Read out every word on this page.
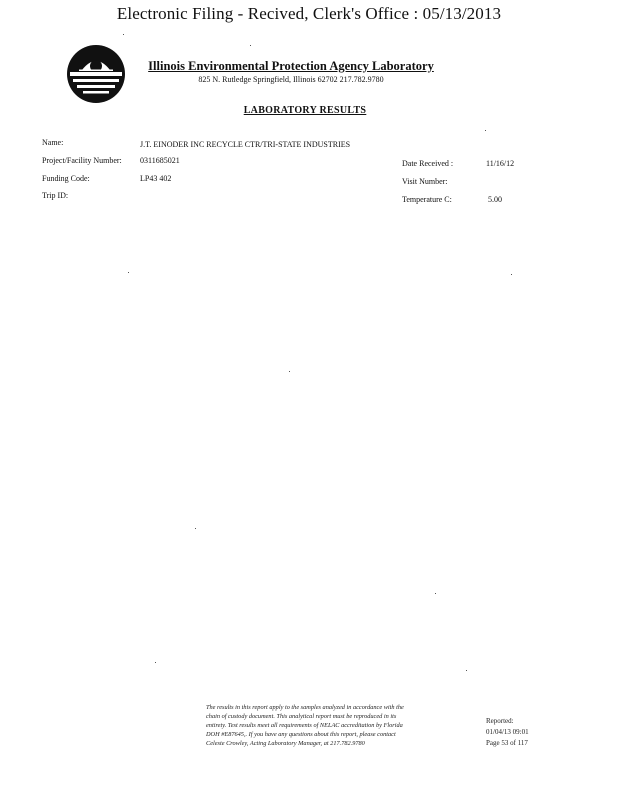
Electronic Filing - Recived, Clerk's Office : 05/13/2013
Illinois Environmental Protection Agency Laboratory
825 N. Rutledge Springfield, Illinois 62702 217.782.9780
LABORATORY RESULTS
Name:	J.T. EINODER INC RECYCLE CTR/TRI-STATE INDUSTRIES
Project/Facility Number: 0311685021
Funding Code:	LP43 402
Trip ID:
Date Received :	11/16/12
Visit Number:
Temperature C:	5.00
The results in this report apply to the samples analyzed in accordance with the
chain of custody document. This analytical report must be reproduced in its
entirety. Test results meet all requirements of NELAC accreditation by Florida
DOH #E87645,. If you have any questions about this report, please contact
Celeste Crowley, Acting Laboratory Manager, at 217.782.9780
Reported:
01/04/13 09:01
Page 53 of 117
